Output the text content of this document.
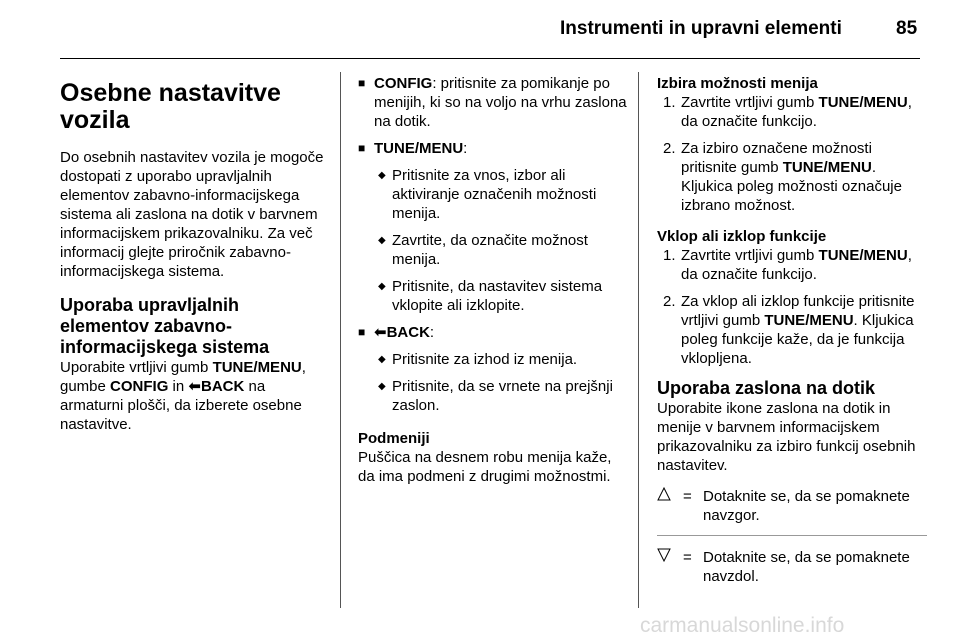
Instrumenti in upravni elementi	85
Osebne nastavitve vozila

Do osebnih nastavitev vozila je mogoče dostopati z uporabo upravljalnih elementov zabavno-informacijskega sistema ali zaslona na dotik v barvnem informacijskem prikazovalniku. Za več informacij glejte priročnik zabavno-informacijskega sistema.

Uporaba upravljalnih elementov zabavno-informacijskega sistema

Uporabite vrtljivi gumb TUNE/MENU, gumbe CONFIG in ⬅BACK na armaturni plošči, da izberete osebne nastavitve.

■ CONFIG: pritisnite za pomikanje po menijih, ki so na voljo na vrhu zaslona na dotik.
■ TUNE/MENU:
◆ Pritisnite za vnos, izbor ali aktiviranje označenih možnosti menija.
◆ Zavrtite, da označite možnost menija.
◆ Pritisnite, da nastavitev sistema vklopite ali izklopite.
■ ⬅BACK:
◆ Pritisnite za izhod iz menija.
◆ Pritisnite, da se vrnete na prejšnji zaslon.
Podmeniji

Puščica na desnem robu menija kaže, da ima podmeni z drugimi možnostmi.

Izbira možnosti menija
1. Zavrtite vrtljivi gumb TUNE/MENU, da označite funkcijo.
2. Za izbiro označene možnosti pritisnite gumb TUNE/MENU. Kljukica poleg možnosti označuje izbrano možnost.
Vklop ali izklop funkcije
1. Zavrtite vrtljivi gumb TUNE/MENU, da označite funkcijo.
2. Za vklop ali izklop funkcije pritisnite vrtljivi gumb TUNE/MENU. Kljukica poleg funkcije kaže, da je funkcija vklopljena.
Uporaba zaslona na dotik

Uporabite ikone zaslona na dotik in menije v barvnem informacijskem prikazovalniku za izbiro funkcij osebnih nastavitev.

= Dotaknite se, da se pomaknete navzgor.
= Dotaknite se, da se pomaknete navzdol.
carmanualsonline.info
